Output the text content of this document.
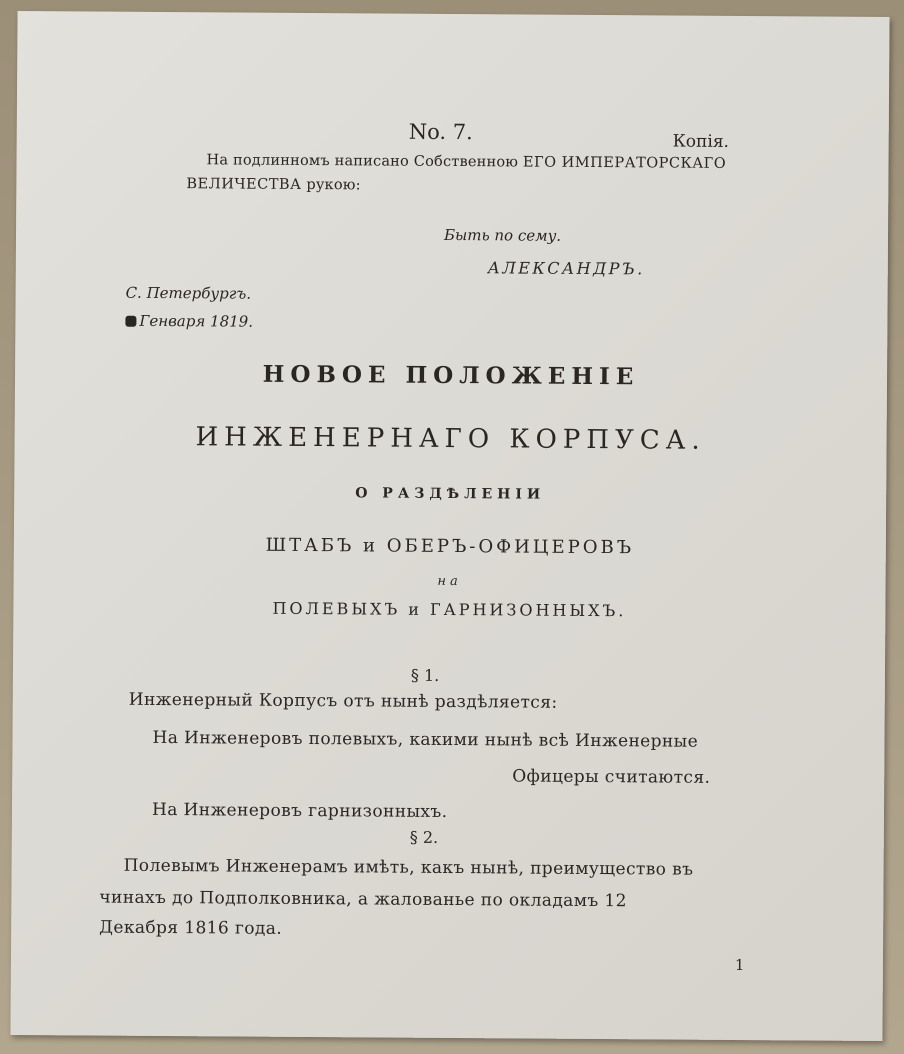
No. 7.	Копія.
На подлинномъ написано Собственною ЕГО ИМПЕРАТОРСКАГО
ВЕЛИЧЕСТВА рукою:
Быть по сему.
АЛЕКСАНДРЪ.
С. Петербургъ.
Генваря 1819.
НОВОЕ ПОЛОЖЕНІЕ
ИНЖЕНЕРНАГО КОРПУСА.
О РАЗДѢЛЕНІИ
ШТАБЪ и ОБЕРЪ-ОФИЦЕРОВЪ
на
ПОЛЕВЫХЪ и ГАРНИЗОННЫХЪ.
§ 1.
Инженерный Корпусъ отъ нынѣ раздѣляется:
На Инженеровъ полевыхъ, какими нынѣ всѣ Инженерные
Офицеры считаются.
На Инженеровъ гарнизонныхъ.
§ 2.
Полевымъ Инженерамъ имѣть, какъ нынѣ, преимущество въ
чинахъ до Подполковника, а жалованье по окладамъ 12
Декабря 1816 года.
1
